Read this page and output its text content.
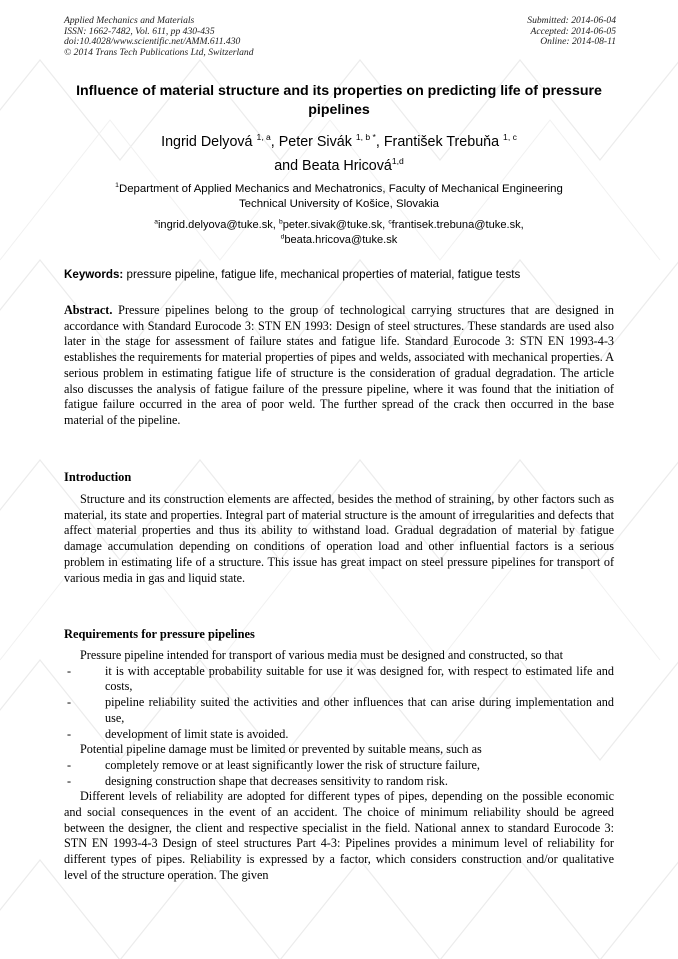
Applied Mechanics and Materials
ISSN: 1662-7482, Vol. 611, pp 430-435
doi:10.4028/www.scientific.net/AMM.611.430
© 2014 Trans Tech Publications Ltd, Switzerland
Submitted: 2014-06-04
Accepted: 2014-06-05
Online: 2014-08-11
Influence of material structure and its properties on predicting life of pressure pipelines
Ingrid Delyová $^{1, a}$, Peter Sivák $^{1, b *}$, František Trebuňa $^{1, c}$
and Beata Hricová$^{1,d}$
$^1$Department of Applied Mechanics and Mechatronics, Faculty of Mechanical Engineering
Technical University of Košice, Slovakia
$^a$ingrid.delyova@tuke.sk, $^b$peter.sivak@tuke.sk, $^c$frantisek.trebuna@tuke.sk,
$^d$beata.hricova@tuke.sk
Keywords: pressure pipeline, fatigue life, mechanical properties of material, fatigue tests
Abstract. Pressure pipelines belong to the group of technological carrying structures that are designed in accordance with Standard Eurocode 3: STN EN 1993: Design of steel structures. These standards are used also later in the stage for assessment of failure states and fatigue life. Standard Eurocode 3: STN EN 1993-4-3 establishes the requirements for material properties of pipes and welds, associated with mechanical properties. A serious problem in estimating fatigue life of structure is the consideration of gradual degradation. The article also discusses the analysis of fatigue failure of the pressure pipeline, where it was found that the initiation of fatigue failure occurred in the area of poor weld. The further spread of the crack then occurred in the base material of the pipeline.
Introduction

Structure and its construction elements are affected, besides the method of straining, by other factors such as material, its state and properties. Integral part of material structure is the amount of irregularities and defects that affect material properties and thus its ability to withstand load. Gradual degradation of material by fatigue damage accumulation depending on conditions of operation load and other influential factors is a serious problem in estimating life of a structure. This issue has great impact on steel pressure pipelines for transport of various media in gas and liquid state.

Requirements for pressure pipelines

Pressure pipeline intended for transport of various media must be designed and constructed, so that

-	it is with acceptable probability suitable for use it was designed for, with respect to estimated life and costs,

-	pipeline reliability suited the activities and other influences that can arise during implementation and use,

-	development of limit state is avoided.

Potential pipeline damage must be limited or prevented by suitable means, such as

-	completely remove or at least significantly lower the risk of structure failure,

-	designing construction shape that decreases sensitivity to random risk.

Different levels of reliability are adopted for different types of pipes, depending on the possible economic and social consequences in the event of an accident. The choice of minimum reliability should be agreed between the designer, the client and respective specialist in the field. National annex to standard Eurocode 3: STN EN 1993-4-3 Design of steel structures Part 4-3: Pipelines provides a minimum level of reliability for different types of pipes. Reliability is expressed by a factor, which considers construction and/or qualitative level of the structure operation. The given
